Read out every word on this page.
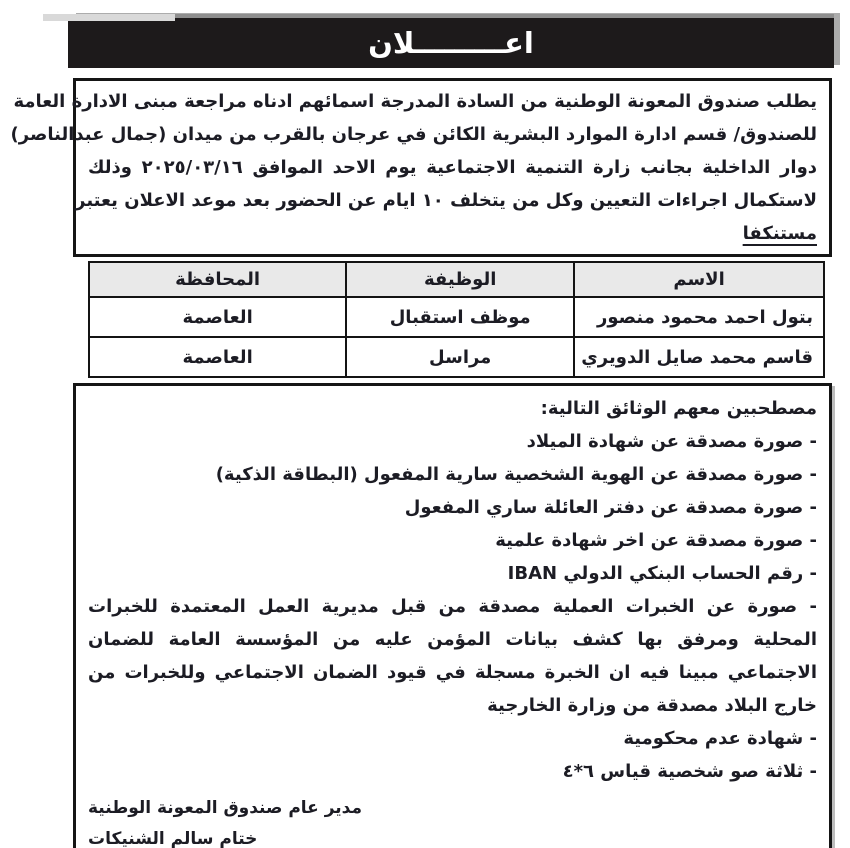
اعـــــــــلان
يطلب صندوق المعونة الوطنية من السادة المدرجة اسمائهم ادناه مراجعة مبنى الادارة العامة
للصندوق/ قسم ادارة الموارد البشرية الكائن في عرجان بالقرب من ميدان (جمال عبدالناصر)
دوار الداخلية بجانب زارة التنمية الاجتماعية يوم الاحد الموافق ٢٠٢٥/٠٣/١٦ وذلك
لاستكمال اجراءات التعيين وكل من يتخلف ١٠ ايام عن الحضور بعد موعد الاعلان يعتبر
مستنكفا
الاسم	الوظيفة	المحافظة
بتول احمد محمود منصور	موظف استقبال	العاصمة
قاسم محمد صايل الدويري	مراسل	العاصمة
مصطحبين معهم الوثائق التالية:
- صورة مصدقة عن شهادة الميلاد
- صورة مصدقة عن الهوية الشخصية سارية المفعول (البطاقة الذكية)
- صورة مصدقة عن دفتر العائلة ساري المفعول
- صورة مصدقة عن اخر شهادة علمية
- رقم الحساب البنكي الدولي IBAN
- صورة عن الخبرات العملية مصدقة من قبل مديرية العمل المعتمدة للخبرات المحلية ومرفق بها كشف بيانات المؤمن عليه من المؤسسة العامة للضمان الاجتماعي مبينا فيه ان الخبرة مسجلة في قيود الضمان الاجتماعي وللخبرات من خارج البلاد مصدقة من وزارة الخارجية
- شهادة عدم محكومية
- ثلاثة صو شخصية قياس ٦*٤
مدير عام صندوق المعونة الوطنية
ختام سالم الشنيكات
